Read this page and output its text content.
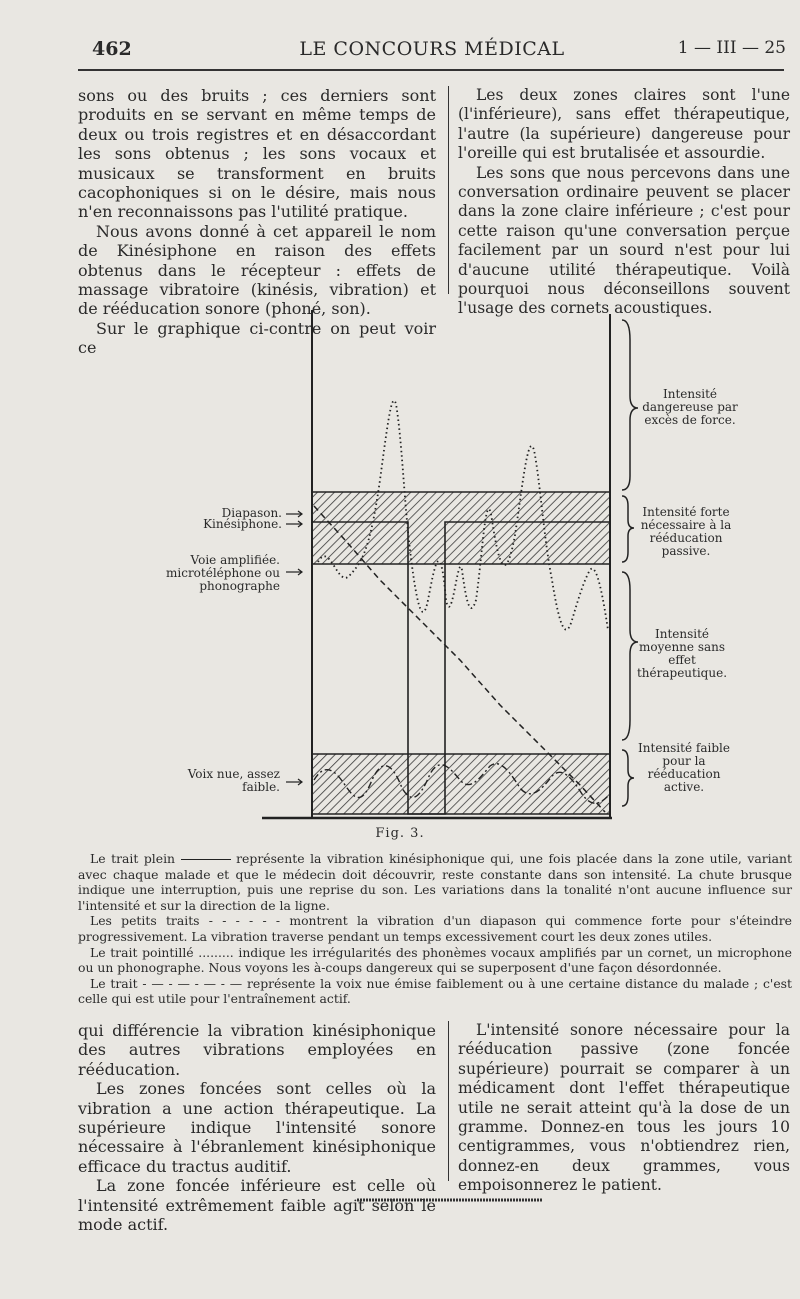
462	LE CONCOURS MÉDICAL	1 — III — 25

sons ou des bruits ; ces derniers sont produits en se servant en même temps de deux ou trois registres et en désaccordant les sons obtenus ; les sons vocaux et musicaux se transforment en bruits cacophoniques si on le désire, mais nous n'en reconnaissons pas l'utilité pratique.

Nous avons donné à cet appareil le nom de Kinésiphone en raison des effets obtenus dans le récepteur : effets de massage vibratoire (kinésis, vibration) et de rééducation sonore (phoné, son).

Sur le graphique ci-contre on peut voir ce

Les deux zones claires sont l'une (l'inférieure), sans effet thérapeutique, l'autre (la supérieure) dangereuse pour l'oreille qui est brutalisée et assourdie.

Les sons que nous percevons dans une conversation ordinaire peuvent se placer dans la zone claire inférieure ; c'est pour cette raison qu'une conversation perçue facilement par un sourd n'est pour lui d'aucune utilité thérapeutique. Voilà pourquoi nous déconseillons souvent l'usage des cornets acoustiques.

Diapason.
Kinésiphone.
Voie amplifiée. microtéléphone ou phonographe
Voix nue, assez faible.
Intensité dangereuse par excès de force.
Intensité forte nécessaire à la rééducation passive.
Intensité moyenne sans effet thérapeutique.
Intensité faible pour la rééducation active.
Fig. 3.

Le trait plein	représente la vibration kinésiphonique qui, une fois placée dans la zone utile, variant avec chaque malade et que le médecin doit découvrir, reste constante dans son intensité. La chute brusque indique une interruption, puis une reprise du son. Les variations dans la tonalité n'ont aucune influence sur l'intensité et sur la direction de la ligne.

Les petits traits - - - - - - montrent la vibration d'un diapason qui commence forte pour s'éteindre progressivement. La vibration traverse pendant un temps excessivement court les deux zones utiles.

Le trait pointillé ......... indique les irrégularités des phonèmes vocaux amplifiés par un cornet, un microphone ou un phonographe. Nous voyons les à-coups dangereux qui se superposent d'une façon désordonnée.

Le trait - — - — - — - — représente la voix nue émise faiblement ou à une certaine distance du malade ; c'est celle qui est utile pour l'entraînement actif.

qui différencie la vibration kinésiphonique des autres vibrations employées en rééducation.

Les zones foncées sont celles où la vibration a une action thérapeutique. La supérieure indique l'intensité sonore nécessaire à l'ébranlement kinésiphonique efficace du tractus auditif.

La zone foncée inférieure est celle où l'intensité extrêmement faible agit selon le mode actif.

L'intensité sonore nécessaire pour la rééducation passive (zone foncée supérieure) pourrait se comparer à un médicament dont l'effet thérapeutique utile ne serait atteint qu'à la dose de un gramme. Donnez-en tous les jours 10 centigrammes, vous n'obtiendrez rien, donnez-en deux grammes, vous empoisonnerez le patient.
